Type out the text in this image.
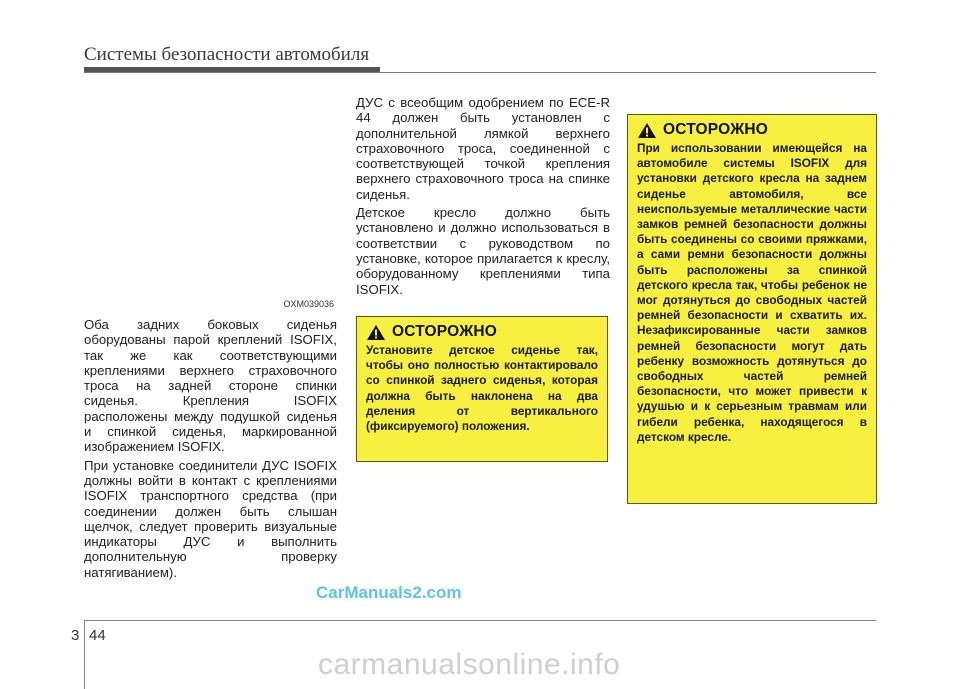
Системы безопасности автомобиля
OXM039036

Оба задних боковых сиденья оборудованы парой креплений ISOFIX, так же как соответствующими креплениями верхнего страховочного троса на задней стороне спинки сиденья. Крепления ISOFIX расположены между подушкой сиденья и спинкой сиденья, маркированной изображением ISOFIX.

При установке соединители ДУС ISOFIX должны войти в контакт с креплениями ISOFIX транспортного средства (при соединении должен быть слышан щелчок, следует проверить визуальные индикаторы ДУС и выполнить дополнительную проверку натягиванием).

ДУС с всеобщим одобрением по ECE-R 44 должен быть установлен с дополнительной лямкой верхнего страховочного троса, соединенной с соответствующей точкой крепления верхнего страховочного троса на спинке сиденья.

Детское кресло должно быть установлено и должно использоваться в соответствии с руководством по установке, которое прилагается к креслу, оборудованному креплениями типа ISOFIX.

ОСТОРОЖНО
Установите детское сиденье так, чтобы оно полностью контактировало со спинкой заднего сиденья, которая должна быть наклонена на два деления от вертикального (фиксируемого) положения.
ОСТОРОЖНО
При использовании имеющейся на автомобиле системы ISOFIX для установки детского кресла на заднем сиденье автомобиля, все неиспользуемые металлические части замков ремней безопасности должны быть соединены со своими пряжками, а сами ремни безопасности должны быть расположены за спинкой детского кресла так, чтобы ребенок не мог дотянуться до свободных частей ремней безопасности и схватить их. Незафиксированные части замков ремней безопасности могут дать ребенку возможность дотянуться до свободных частей ремней безопасности, что может привести к удушью и к серьезным травмам или гибели ребенка, находящегося в детском кресле.
CarManuals2.com
carmanualsonline.info
3 44
